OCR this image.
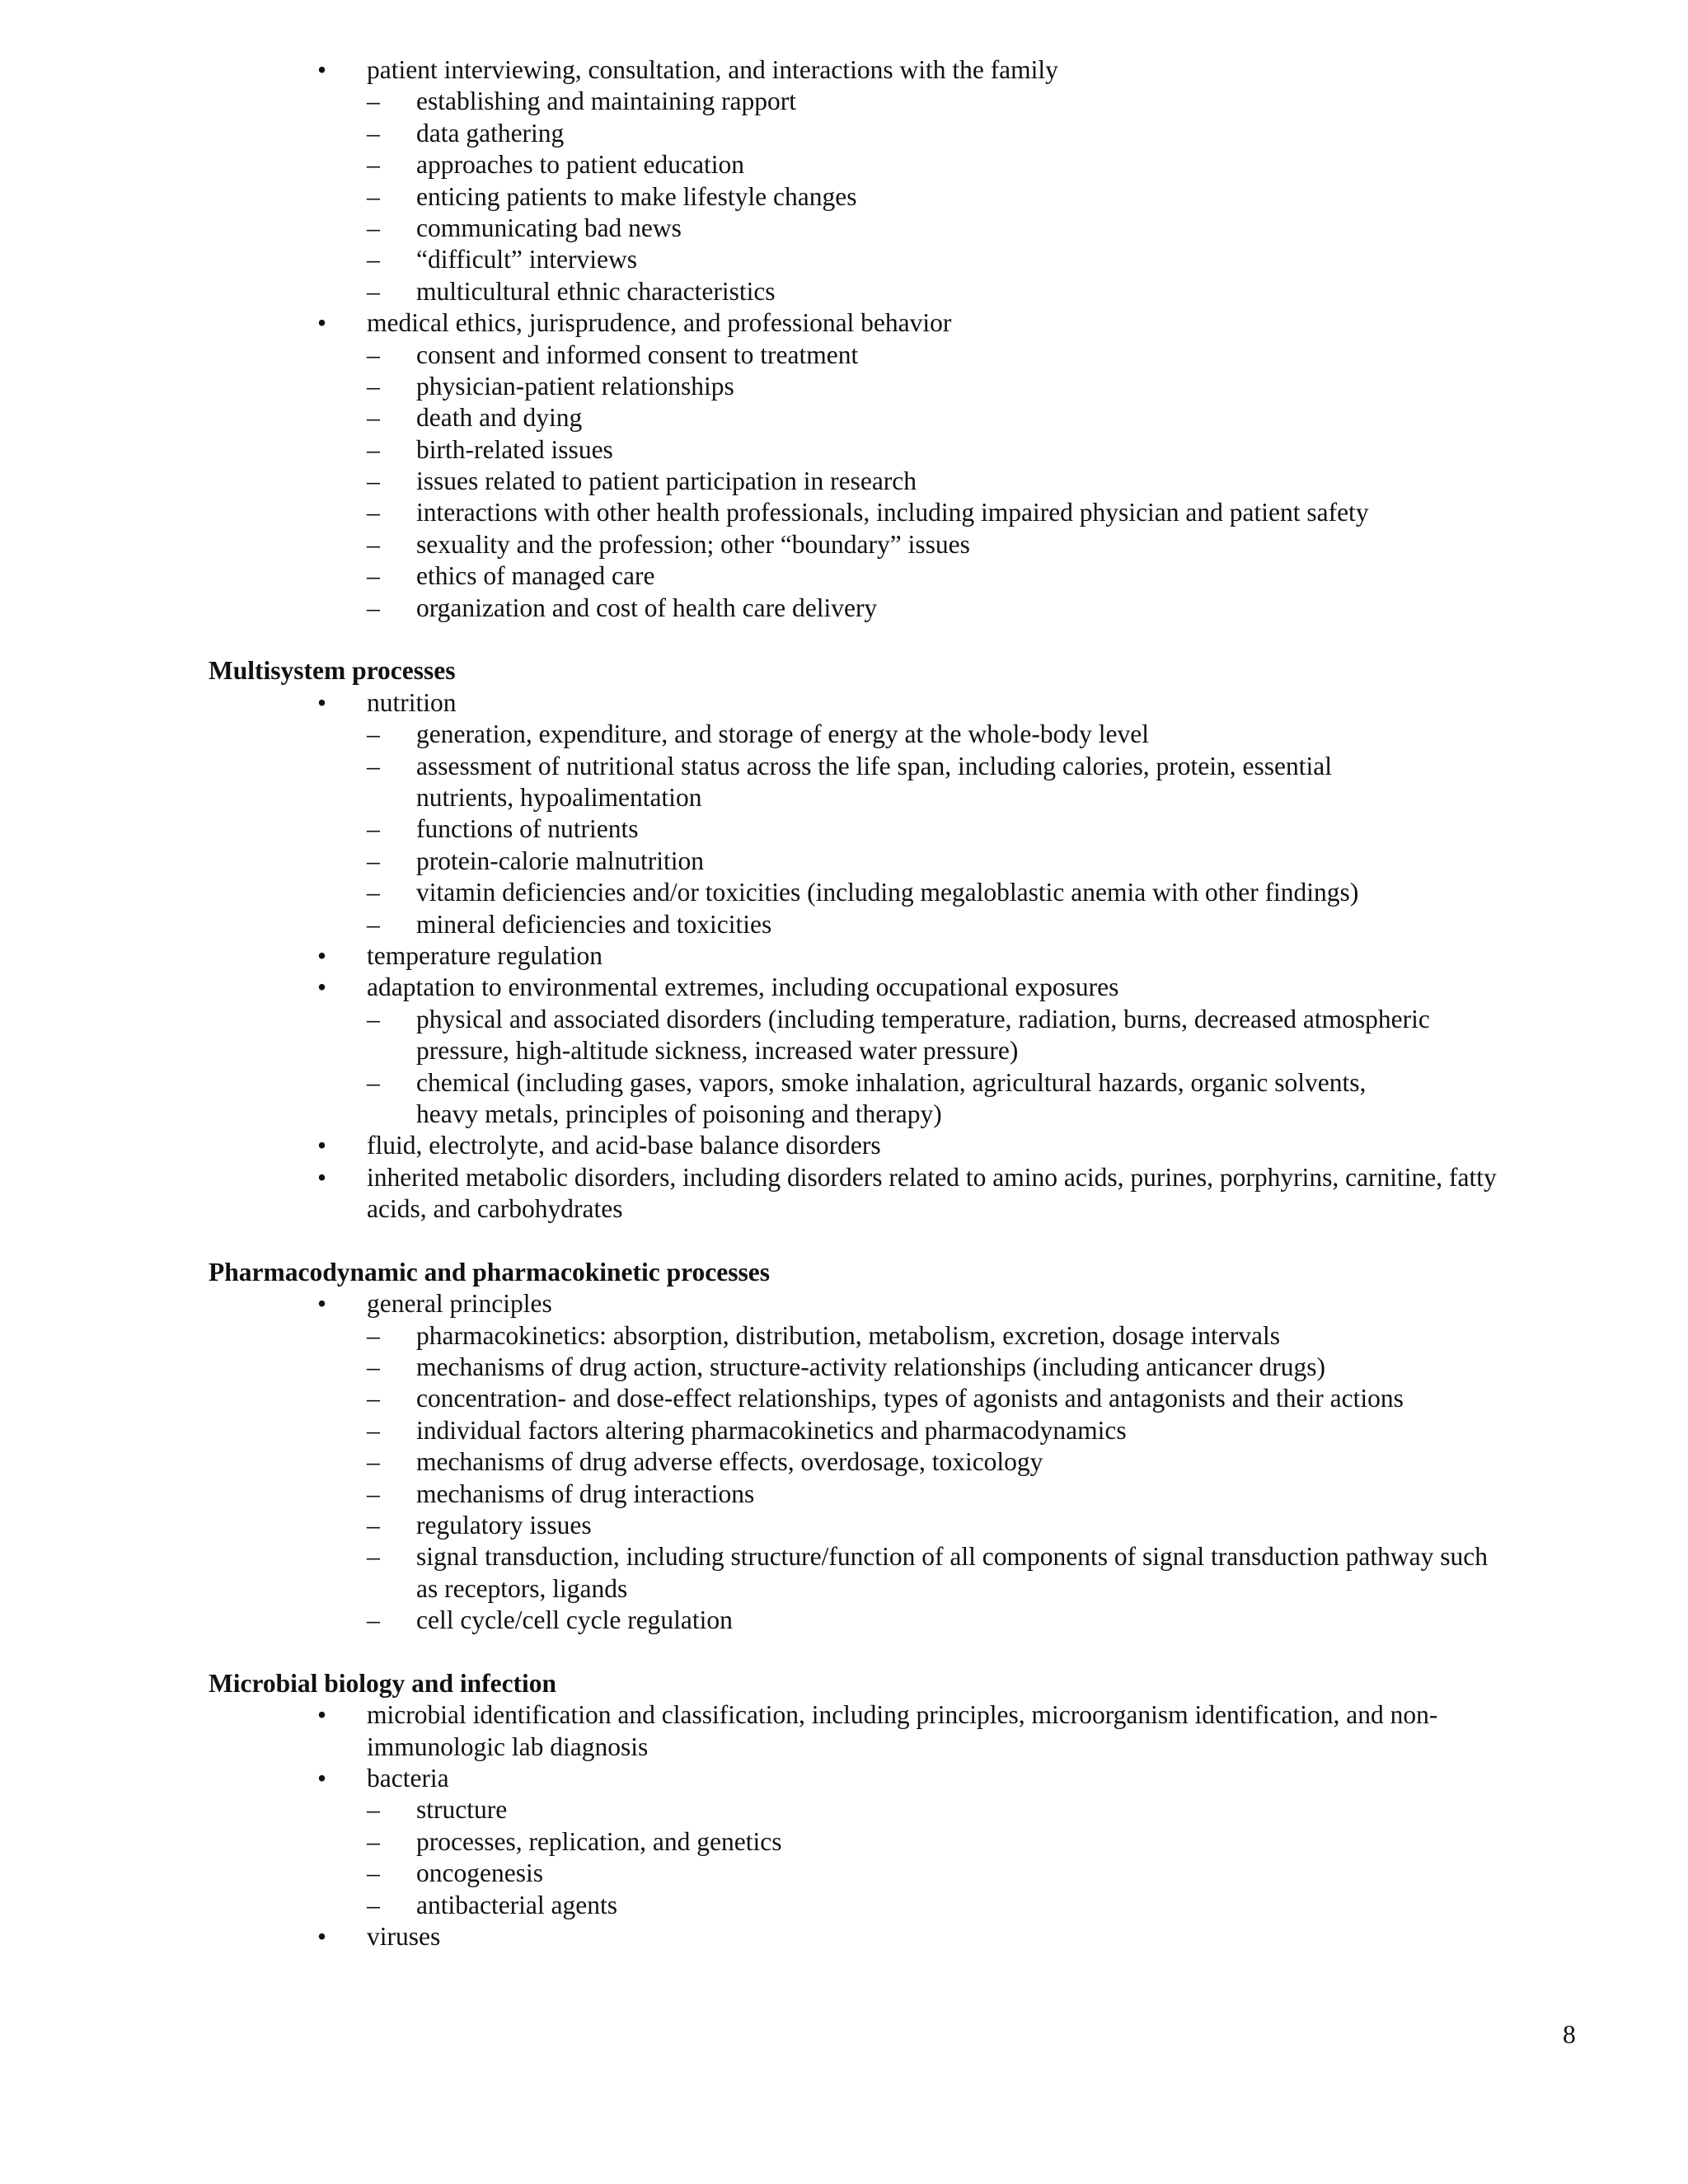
• patient interviewing, consultation, and interactions with the family
– establishing and maintaining rapport
– data gathering
– approaches to patient education
– enticing patients to make lifestyle changes
– communicating bad news
– “difficult” interviews
– multicultural ethnic characteristics
• medical ethics, jurisprudence, and professional behavior
– consent and informed consent to treatment
– physician-patient relationships
– death and dying
– birth-related issues
– issues related to patient participation in research
– interactions with other health professionals, including impaired physician and patient safety
– sexuality and the profession; other “boundary” issues
– ethics of managed care
– organization and cost of health care delivery
Multisystem processes
• nutrition
– generation, expenditure, and storage of energy at the whole-body level
– assessment of nutritional status across the life span, including calories, protein, essential
nutrients, hypoalimentation
– functions of nutrients
– protein-calorie malnutrition
– vitamin deficiencies and/or toxicities (including megaloblastic anemia with other findings)
– mineral deficiencies and toxicities
• temperature regulation
• adaptation to environmental extremes, including occupational exposures
– physical and associated disorders (including temperature, radiation, burns, decreased atmospheric
pressure, high-altitude sickness, increased water pressure)
– chemical (including gases, vapors, smoke inhalation, agricultural hazards, organic solvents,
heavy metals, principles of poisoning and therapy)
• fluid, electrolyte, and acid-base balance disorders
• inherited metabolic disorders, including disorders related to amino acids, purines, porphyrins, carnitine, fatty
acids, and carbohydrates
Pharmacodynamic and pharmacokinetic processes
• general principles
– pharmacokinetics: absorption, distribution, metabolism, excretion, dosage intervals
– mechanisms of drug action, structure-activity relationships (including anticancer drugs)
– concentration- and dose-effect relationships, types of agonists and antagonists and their actions
– individual factors altering pharmacokinetics and pharmacodynamics
– mechanisms of drug adverse effects, overdosage, toxicology
– mechanisms of drug interactions
– regulatory issues
– signal transduction, including structure/function of all components of signal transduction pathway such
as receptors, ligands
– cell cycle/cell cycle regulation
Microbial biology and infection
• microbial identification and classification, including principles, microorganism identification, and non-
immunologic lab diagnosis
• bacteria
– structure
– processes, replication, and genetics
– oncogenesis
– antibacterial agents
• viruses
8
